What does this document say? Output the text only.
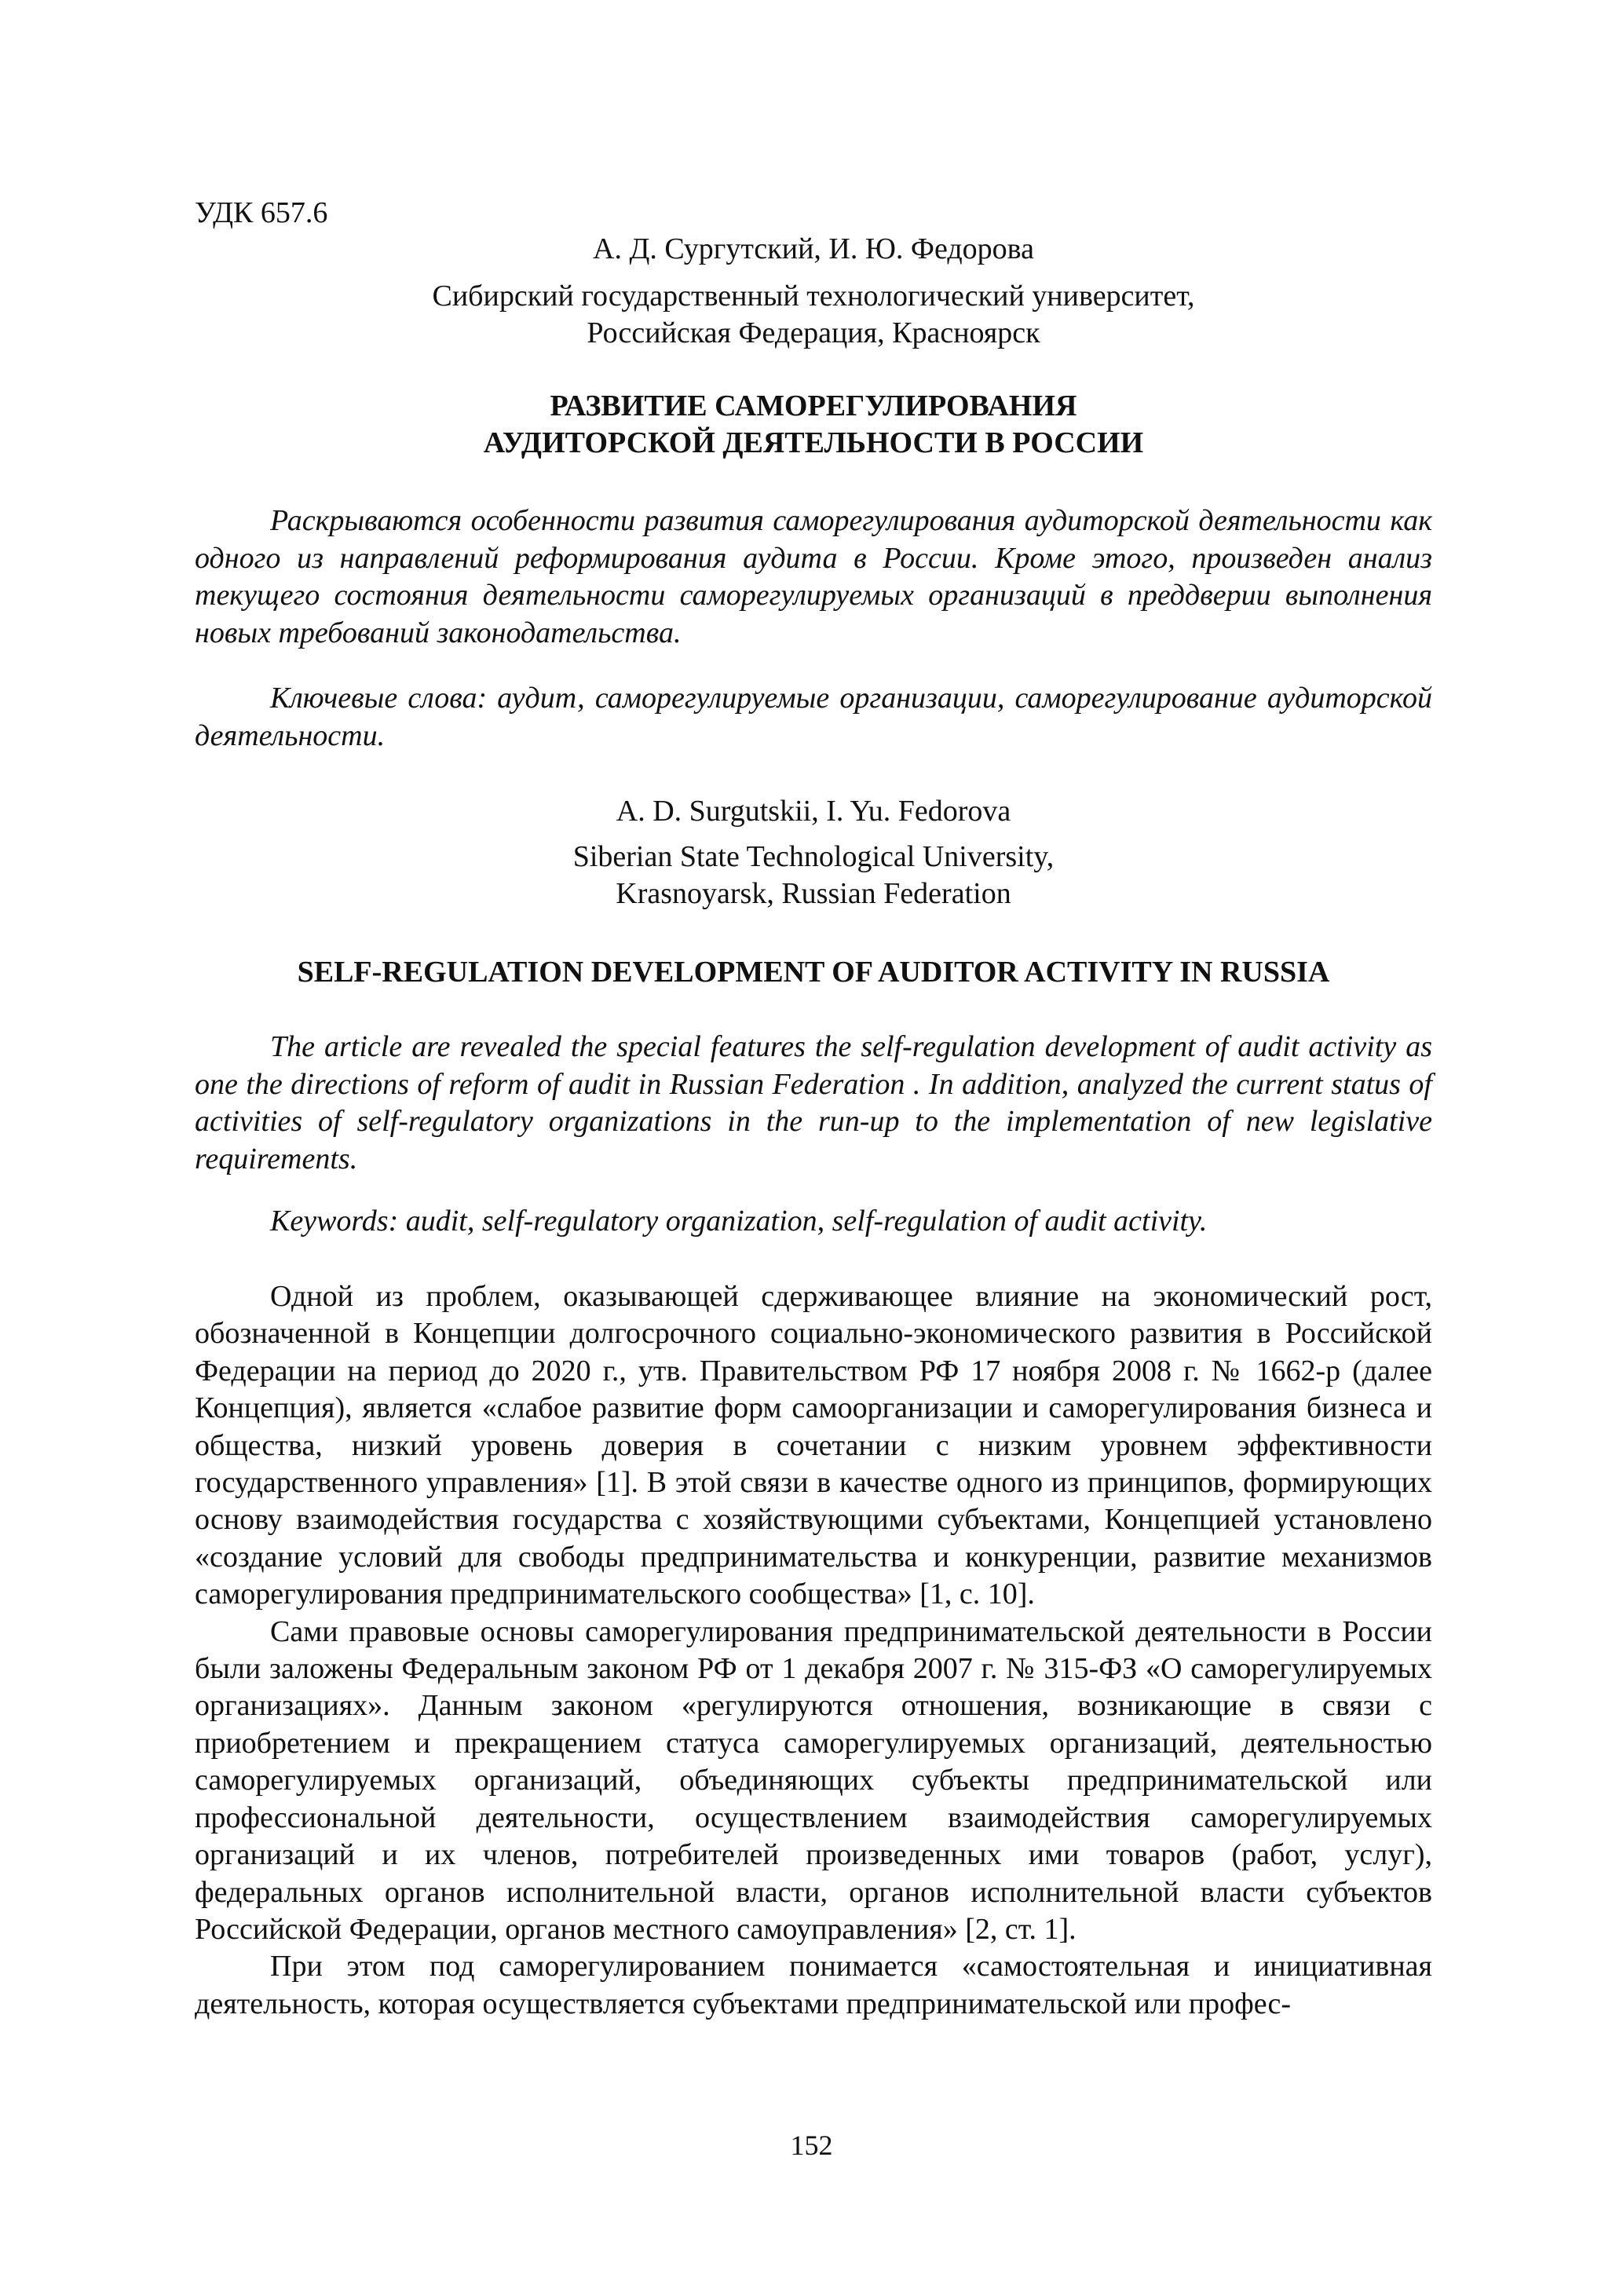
УДК 657.6
А. Д. Сургутский, И. Ю. Федорова
Сибирский государственный технологический университет,
Российская Федерация, Красноярск
РАЗВИТИЕ САМОРЕГУЛИРОВАНИЯ
АУДИТОРСКОЙ ДЕЯТЕЛЬНОСТИ В РОССИИ

Раскрываются особенности развития саморегулирования аудиторской деятельности как одного из направлений реформирования аудита в России. Кроме этого, произведен анализ текущего состояния деятельности саморегулируемых организаций в преддверии выполнения новых требований законодательства.

Ключевые слова: аудит, саморегулируемые организации, саморегулирование аудиторской деятельности.

A. D. Surgutskii, I. Yu. Fedorova
Siberian State Technological University,
Krasnoyarsk, Russian Federation
SELF-REGULATION DEVELOPMENT OF AUDITOR ACTIVITY IN RUSSIA

The article are revealed the special features the self-regulation development of audit activity as one the directions of reform of audit in Russian Federation . In addition, analyzed the current status of activities of self-regulatory organizations in the run-up to the implementation of new legislative requirements.

Keywords: audit, self-regulatory organization, self-regulation of audit activity.

Одной из проблем, оказывающей сдерживающее влияние на экономический рост, обозначенной в Концепции долгосрочного социально-экономического развития в Российской Федерации на период до 2020 г., утв. Правительством РФ 17 ноября 2008 г. № 1662-р (далее Концепция), является «слабое развитие форм самоорганизации и саморегулирования бизнеса и общества, низкий уровень доверия в сочетании с низким уровнем эффективности государственного управления» [1]. В этой связи в качестве одного из принципов, формирующих основу взаимодействия государства с хозяйствующими субъектами, Концепцией установлено «создание условий для свободы предпринимательства и конкуренции, развитие механизмов саморегулирования предпринимательского сообщества» [1, с. 10].

Сами правовые основы саморегулирования предпринимательской деятельности в России были заложены Федеральным законом РФ от 1 декабря 2007 г. № 315-ФЗ «О саморегулируемых организациях». Данным законом «регулируются отношения, возникающие в связи с приобретением и прекращением статуса саморегулируемых организаций, деятельностью саморегулируемых организаций, объединяющих субъекты предпринимательской или профессиональной деятельности, осуществлением взаимодействия саморегулируемых организаций и их членов, потребителей произведенных ими товаров (работ, услуг), федеральных органов исполнительной власти, органов исполнительной власти субъектов Российской Федерации, органов местного самоуправления» [2, ст. 1].

При этом под саморегулированием понимается «самостоятельная и инициативная деятельность, которая осуществляется субъектами предпринимательской или профес-

152
